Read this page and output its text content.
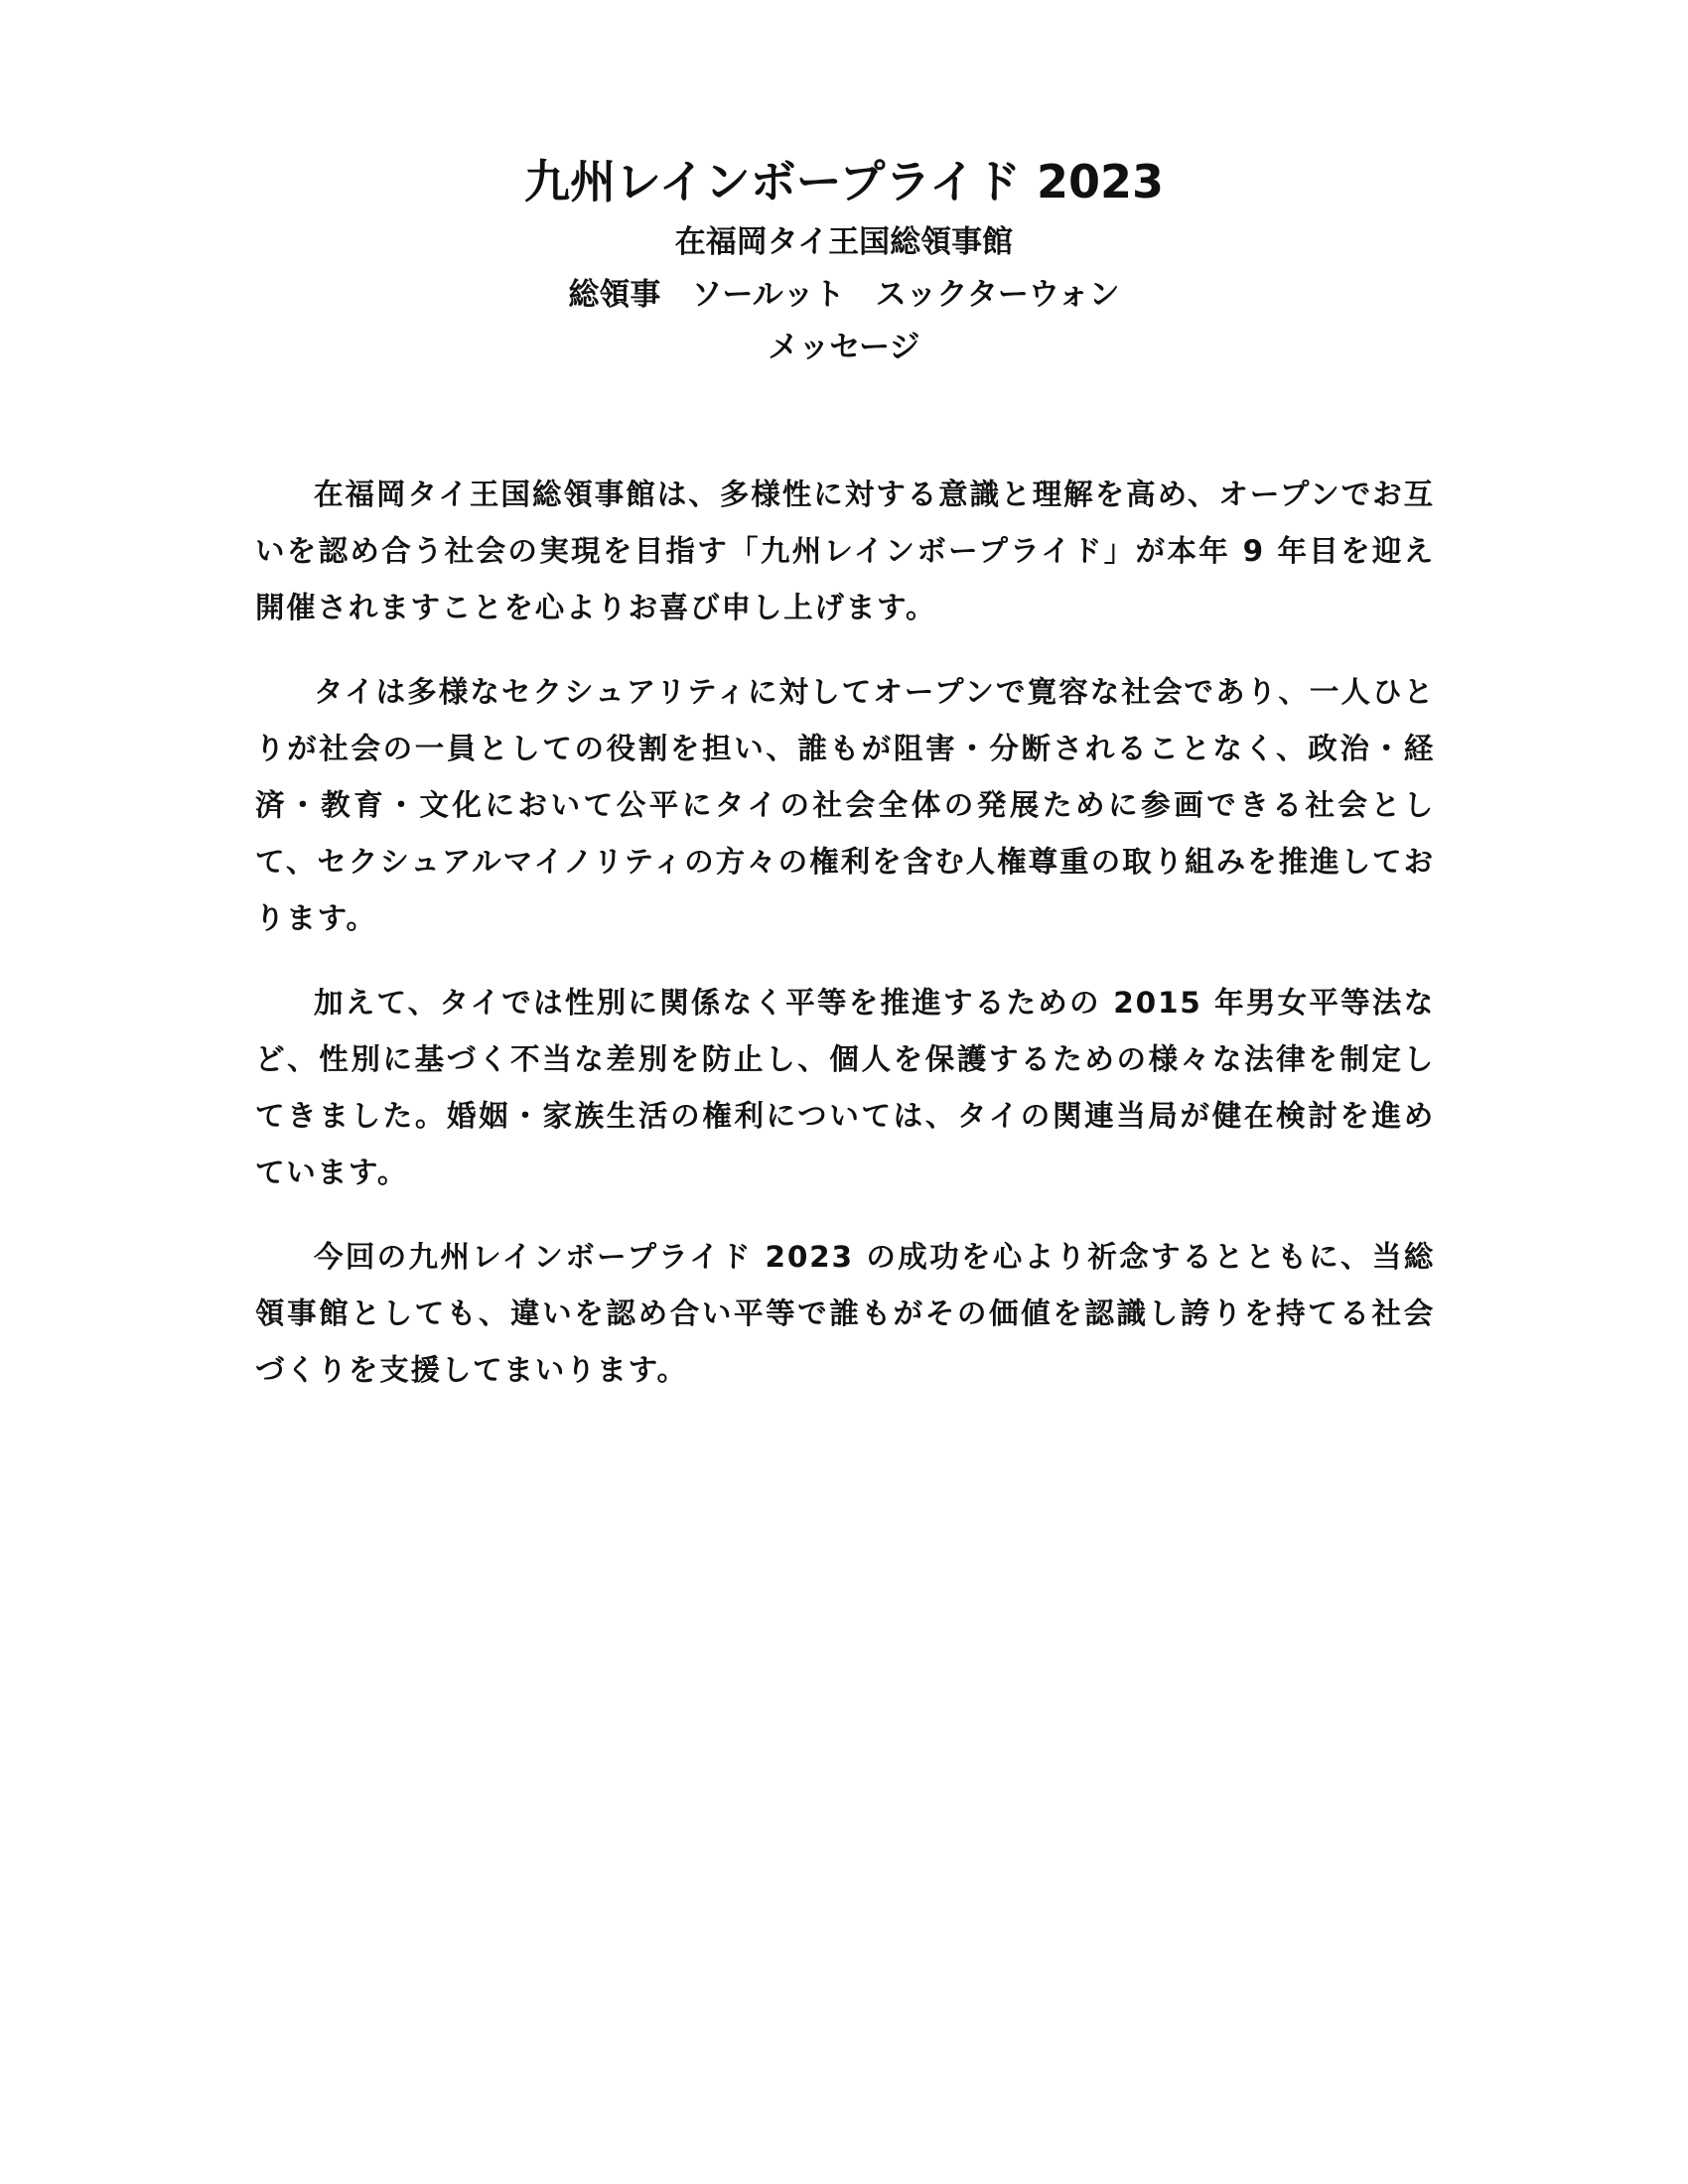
九州レインボープライド 2023
在福岡タイ王国総領事館
総領事　ソールット　スックターウォン
メッセージ

在福岡タイ王国総領事館は、多様性に対する意識と理解を高め、オープンでお互いを認め合う社会の実現を目指す「九州レインボープライド」が本年 9 年目を迎え開催されますことを心よりお喜び申し上げます。

タイは多様なセクシュアリティに対してオープンで寛容な社会であり、一人ひとりが社会の一員としての役割を担い、誰もが阻害・分断されることなく、政治・経済・教育・文化において公平にタイの社会全体の発展ために参画できる社会として、セクシュアルマイノリティの方々の権利を含む人権尊重の取り組みを推進しております。

加えて、タイでは性別に関係なく平等を推進するための 2015 年男女平等法など、性別に基づく不当な差別を防止し、個人を保護するための様々な法律を制定してきました。婚姻・家族生活の権利については、タイの関連当局が健在検討を進めています。

今回の九州レインボープライド 2023 の成功を心より祈念するとともに、当総領事館としても、違いを認め合い平等で誰もがその価値を認識し誇りを持てる社会づくりを支援してまいります。
